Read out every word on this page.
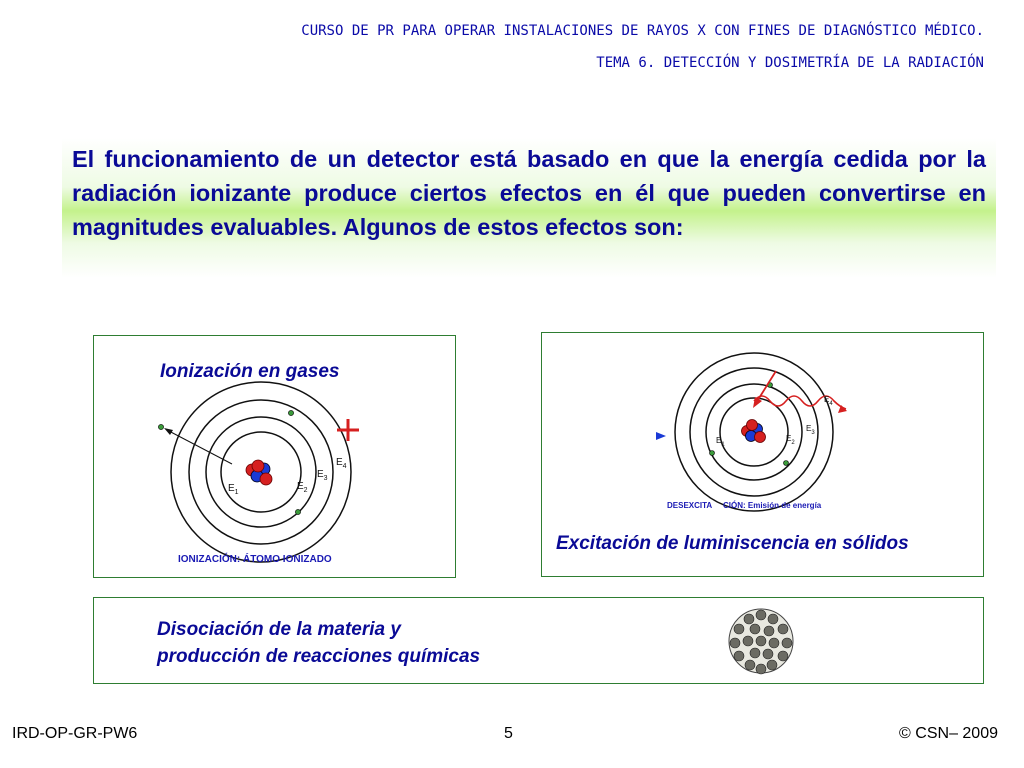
CURSO DE PR PARA OPERAR INSTALACIONES DE RAYOS X CON FINES DE DIAGNÓSTICO MÉDICO.
TEMA 6. DETECCIÓN Y DOSIMETRÍA DE LA RADIACIÓN

El funcionamiento de un detector está basado en que la energía cedida por la radiación ionizante produce ciertos efectos en él que pueden convertirse en magnitudes evaluables. Algunos de estos efectos son:

$E_1$
$E_2$
$E_3$
$E_4$
Ionización en gases
IONIZACIÓN: ÁTOMO IONIZADO
$E_1$
$E_2$
$E_3$
$E_4$
DESEXCITA CIÓN: Emisión de energía
Excitación de luminiscencia en sólidos
Disociación de la materia y
producción de reacciones químicas
IRD-OP-GR-PW6	5	© CSN– 2009
